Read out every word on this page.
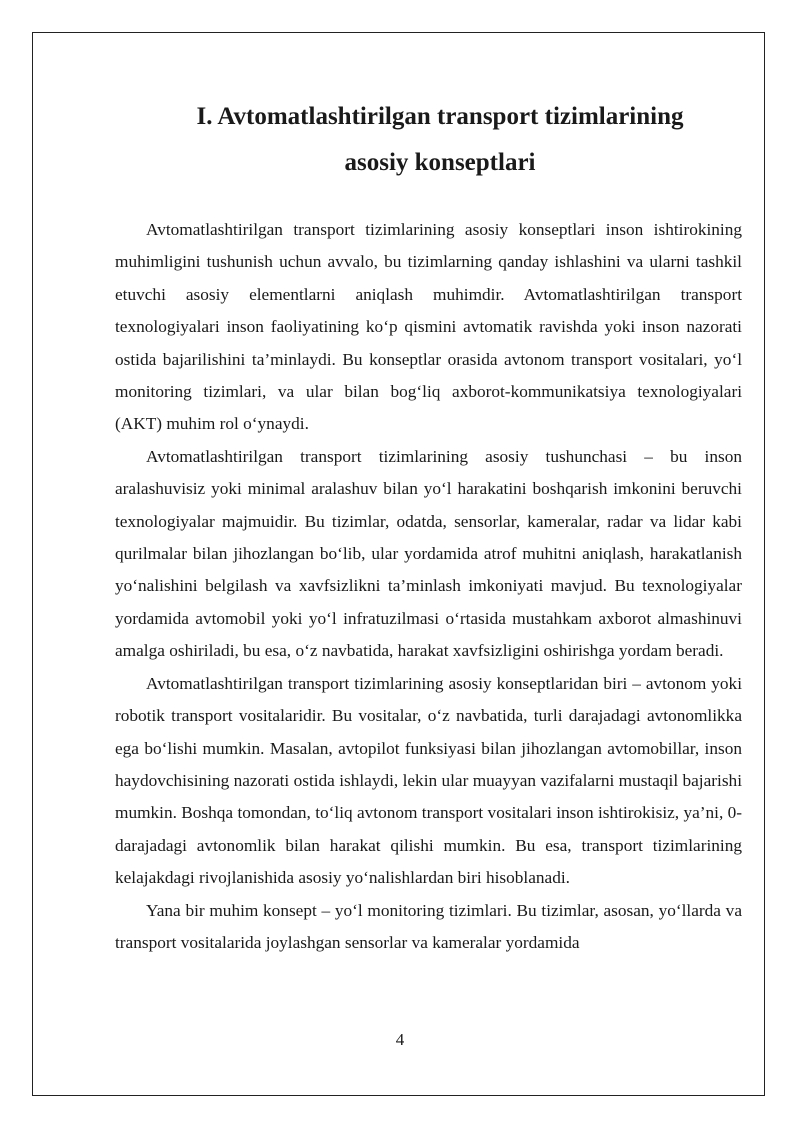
I. Avtomatlashtirilgan transport tizimlarining
asosiy konseptlari

Avtomatlashtirilgan transport tizimlarining asosiy konseptlari inson ishtirokining muhimligini tushunish uchun avvalo, bu tizimlarning qanday ishlashini va ularni tashkil etuvchi asosiy elementlarni aniqlash muhimdir. Avtomatlashtirilgan transport texnologiyalari inson faoliyatining ko‘p qismini avtomatik ravishda yoki inson nazorati ostida bajarilishini ta’minlaydi. Bu konseptlar orasida avtonom transport vositalari, yo‘l monitoring tizimlari, va ular bilan bog‘liq axborot-kommunikatsiya texnologiyalari (AKT) muhim rol o‘ynaydi.

Avtomatlashtirilgan transport tizimlarining asosiy tushunchasi – bu inson aralashuvisiz yoki minimal aralashuv bilan yo‘l harakatini boshqarish imkonini beruvchi texnologiyalar majmuidir. Bu tizimlar, odatda, sensorlar, kameralar, radar va lidar kabi qurilmalar bilan jihozlangan bo‘lib, ular yordamida atrof muhitni aniqlash, harakatlanish yo‘nalishini belgilash va xavfsizlikni ta’minlash imkoniyati mavjud. Bu texnologiyalar yordamida avtomobil yoki yo‘l infratuzilmasi o‘rtasida mustahkam axborot almashinuvi amalga oshiriladi, bu esa, o‘z navbatida, harakat xavfsizligini oshirishga yordam beradi.

Avtomatlashtirilgan transport tizimlarining asosiy konseptlaridan biri – avtonom yoki robotik transport vositalaridir. Bu vositalar, o‘z navbatida, turli darajadagi avtonomlikka ega bo‘lishi mumkin. Masalan, avtopilot funksiyasi bilan jihozlangan avtomobillar, inson haydovchisining nazorati ostida ishlaydi, lekin ular muayyan vazifalarni mustaqil bajarishi mumkin. Boshqa tomondan, to‘liq avtonom transport vositalari inson ishtirokisiz, ya’ni, 0-darajadagi avtonomlik bilan harakat qilishi mumkin. Bu esa, transport tizimlarining kelajakdagi rivojlanishida asosiy yo‘nalishlardan biri hisoblanadi.

Yana bir muhim konsept – yo‘l monitoring tizimlari. Bu tizimlar, asosan, yo‘llarda va transport vositalarida joylashgan sensorlar va kameralar yordamida

4
